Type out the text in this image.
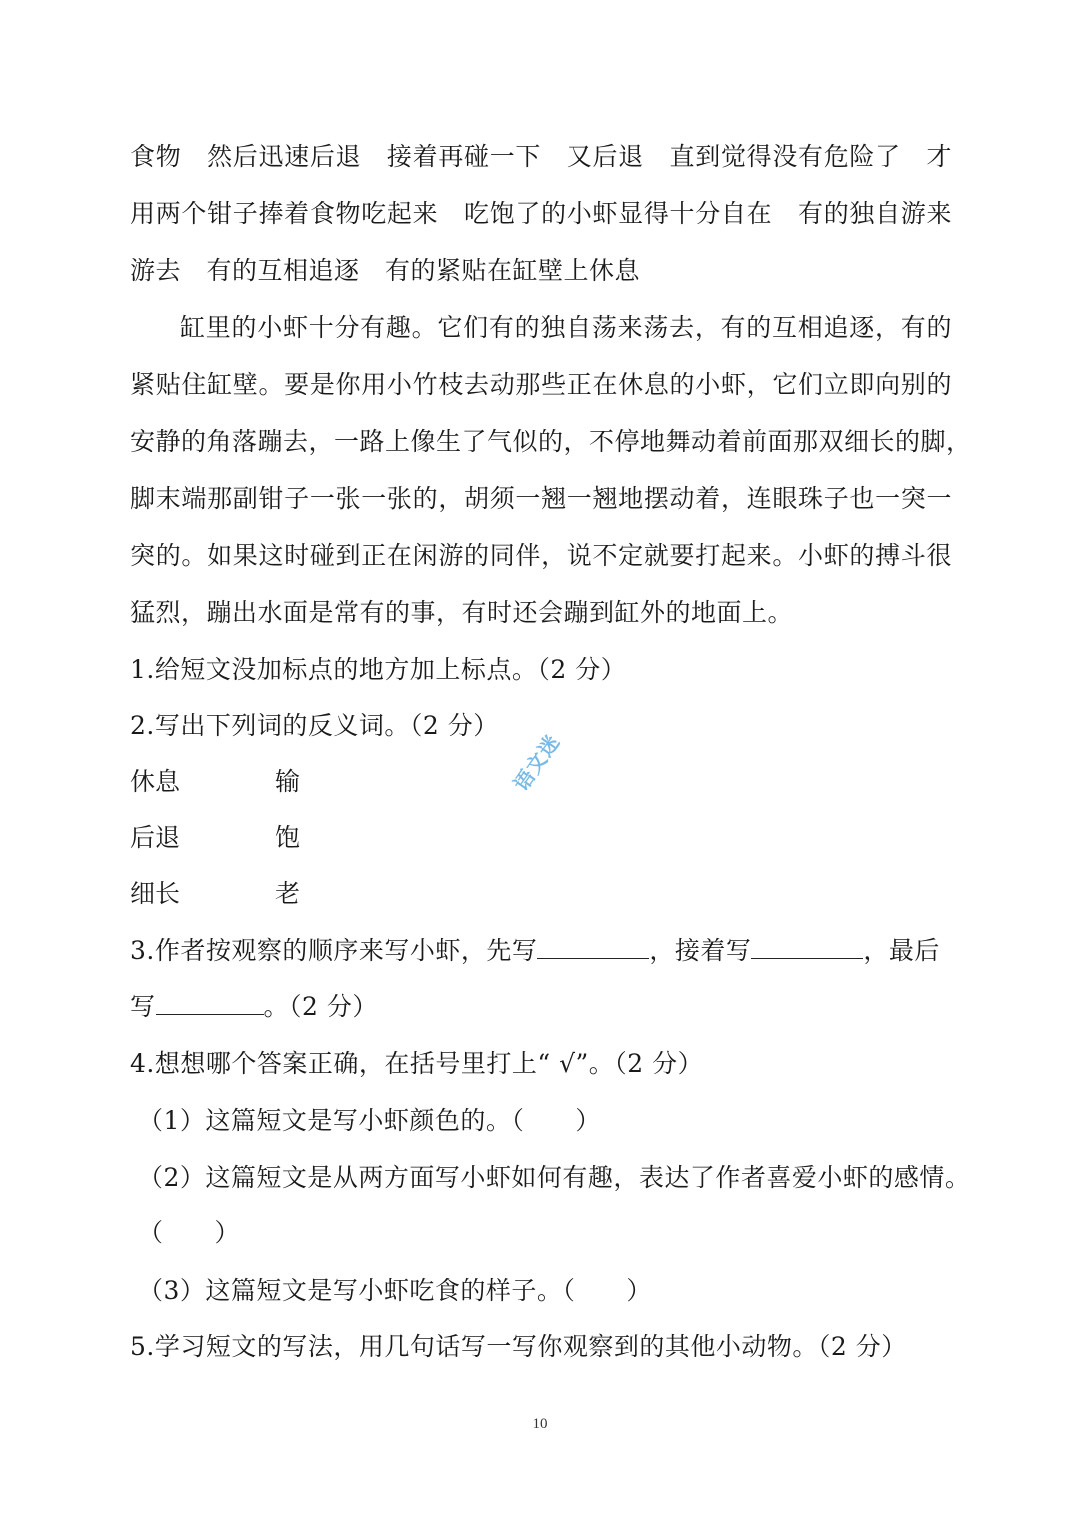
食物　然后迅速后退　接着再碰一下　又后退　直到觉得没有危险了　才
用两个钳子捧着食物吃起来　吃饱了的小虾显得十分自在　有的独自游来
游去　有的互相追逐　有的紧贴在缸壁上休息
缸里的小虾十分有趣。它们有的独自荡来荡去，有的互相追逐，有的
紧贴住缸壁。要是你用小竹枝去动那些正在休息的小虾，它们立即向别的
安静的角落蹦去，一路上像生了气似的，不停地舞动着前面那双细长的脚，
脚末端那副钳子一张一张的，胡须一翘一翘地摆动着，连眼珠子也一突一
突的。如果这时碰到正在闲游的同伴，说不定就要打起来。小虾的搏斗很
猛烈，蹦出水面是常有的事，有时还会蹦到缸外的地面上。
1.给短文没加标点的地方加上标点。（2 分）
2.写出下列词的反义词。（2 分）
休息	输
后退	饱
细长	老
3.作者按观察的顺序来写小虾，先写	，接着写	，最后
写	。（2 分）
4.想想哪个答案正确，在括号里打上“ √”。（2 分）
（1）这篇短文是写小虾颜色的。（　　）
（2）这篇短文是从两方面写小虾如何有趣，表达了作者喜爱小虾的感情。
（　　）
（3）这篇短文是写小虾吃食的样子。（　　）
5.学习短文的写法，用几句话写一写你观察到的其他小动物。（2 分）
语文迷
10
